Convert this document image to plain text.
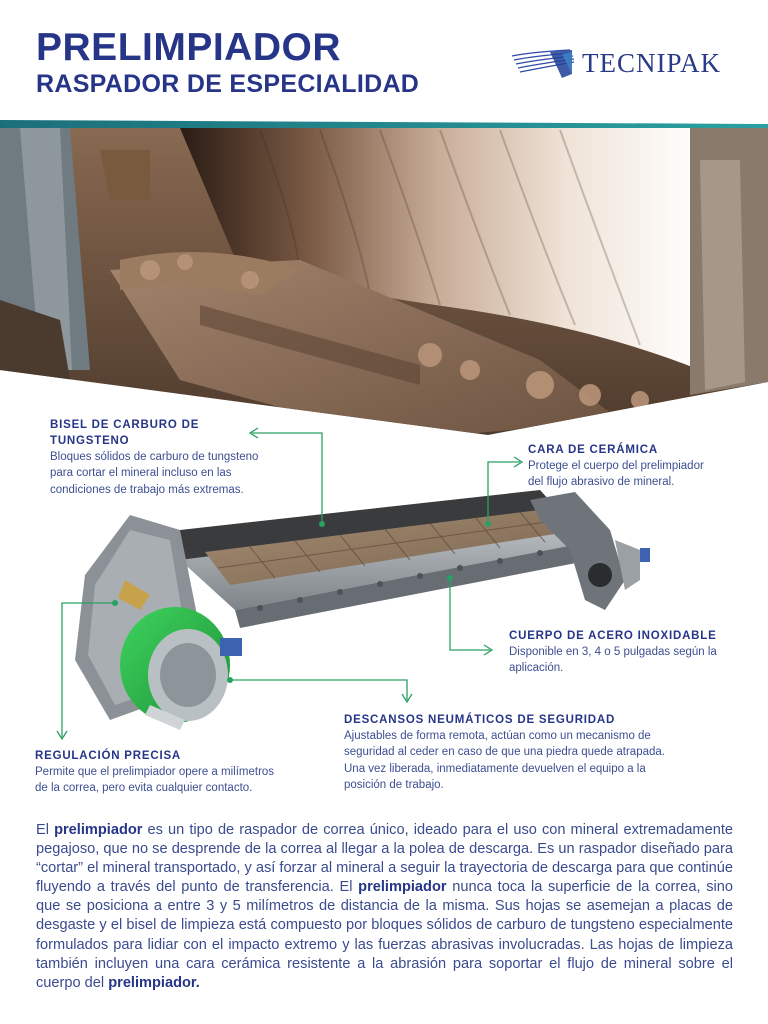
PRELIMPIADOR
RASPADOR DE ESPECIALIDAD
TECNIPAK
BISEL DE CARBURO DE
TUNGSTENO
Bloques sólidos de carburo de tungsteno
para cortar el mineral incluso en las
condiciones de trabajo más extremas.
CARA DE CERÁMICA
Protege el cuerpo del prelimpiador
del flujo abrasivo de mineral.
CUERPO DE ACERO INOXIDABLE
Disponible en 3, 4 o 5 pulgadas según la
aplicación.
DESCANSOS NEUMÁTICOS DE SEGURIDAD
Ajustables de forma remota, actúan como un mecanismo de
seguridad al ceder en caso de que una piedra quede atrapada.
Una vez liberada, inmediatamente devuelven el equipo a la
posición de trabajo.
REGULACIÓN PRECISA
Permite que el prelimpiador opere a milímetros
de la correa, pero evita cualquier contacto.

El prelimpiador es un tipo de raspador de correa único, ideado para el uso con mineral extremadamente pegajoso, que no se desprende de la correa al llegar a la polea de descarga. Es un raspador diseñado para “cortar” el mineral transportado, y así forzar al mineral a seguir la trayectoria de descarga para que continúe fluyendo a través del punto de transferencia. El prelimpiador nunca toca la superficie de la correa, sino que se posiciona a entre 3 y 5 milímetros de distancia de la misma. Sus hojas se asemejan a placas de desgaste y el bisel de limpieza está compuesto por bloques sólidos de carburo de tungsteno especialmente formulados para lidiar con el impacto extremo y las fuerzas abrasivas involucradas. Las hojas de limpieza también incluyen una cara cerámica resistente a la abrasión para soportar el flujo de mineral sobre el cuerpo del prelimpiador.
